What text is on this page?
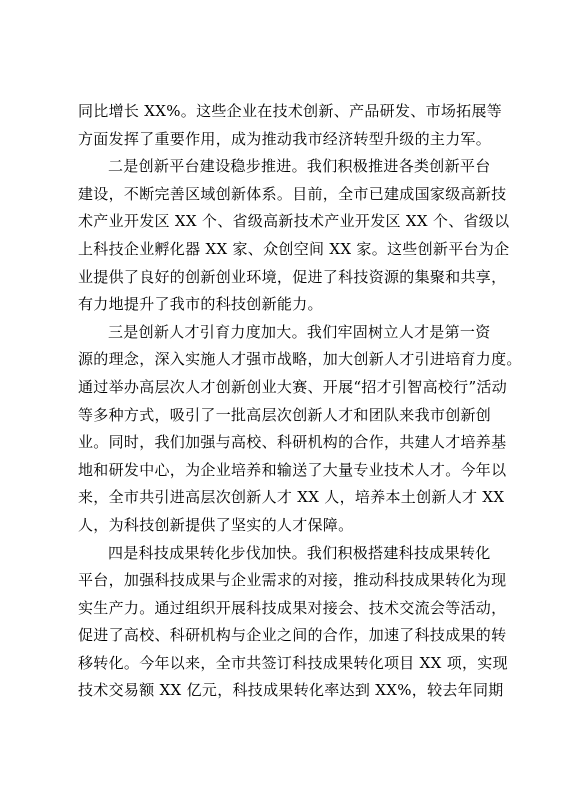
同比增长 XX%。这些企业在技术创新、产品研发、市场拓展等
方面发挥了重要作用，成为推动我市经济转型升级的主力军。
二是创新平台建设稳步推进。我们积极推进各类创新平台
建设，不断完善区域创新体系。目前，全市已建成国家级高新技
术产业开发区 XX 个、省级高新技术产业开发区 XX 个、省级以
上科技企业孵化器 XX 家、众创空间 XX 家。这些创新平台为企
业提供了良好的创新创业环境，促进了科技资源的集聚和共享，
有力地提升了我市的科技创新能力。
三是创新人才引育力度加大。我们牢固树立人才是第一资
源的理念，深入实施人才强市战略，加大创新人才引进培育力度。
通过举办高层次人才创新创业大赛、开展“招才引智高校行”活动
等多种方式，吸引了一批高层次创新人才和团队来我市创新创
业。同时，我们加强与高校、科研机构的合作，共建人才培养基
地和研发中心，为企业培养和输送了大量专业技术人才。今年以
来，全市共引进高层次创新人才 XX 人，培养本土创新人才 XX
人，为科技创新提供了坚实的人才保障。
四是科技成果转化步伐加快。我们积极搭建科技成果转化
平台，加强科技成果与企业需求的对接，推动科技成果转化为现
实生产力。通过组织开展科技成果对接会、技术交流会等活动，
促进了高校、科研机构与企业之间的合作，加速了科技成果的转
移转化。今年以来，全市共签订科技成果转化项目 XX 项，实现
技术交易额 XX 亿元，科技成果转化率达到 XX%，较去年同期
